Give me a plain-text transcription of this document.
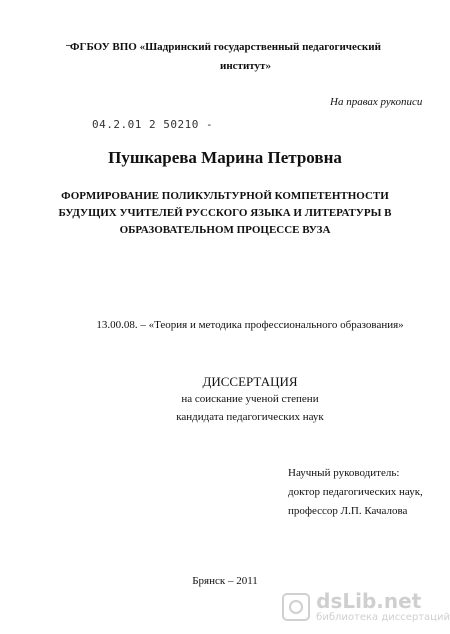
ФГБОУ ВПО «Шадринский государственный педагогический
институт»
На правах рукописи
04.2.01 2 50210 -
Пушкарева Марина Петровна
ФОРМИРОВАНИЕ ПОЛИКУЛЬТУРНОЙ КОМПЕТЕНТНОСТИ
БУДУЩИХ УЧИТЕЛЕЙ РУССКОГО ЯЗЫКА И ЛИТЕРАТУРЫ В
ОБРАЗОВАТЕЛЬНОМ ПРОЦЕССЕ ВУЗА
13.00.08. – «Теория и методика профессионального образования»
ДИССЕРТАЦИЯ
на соискание ученой степени
кандидата педагогических наук
Научный руководитель:
доктор педагогических наук,
профессор Л.П. Качалова
Брянск – 2011
dsLib.net
библиотека диссертаций
